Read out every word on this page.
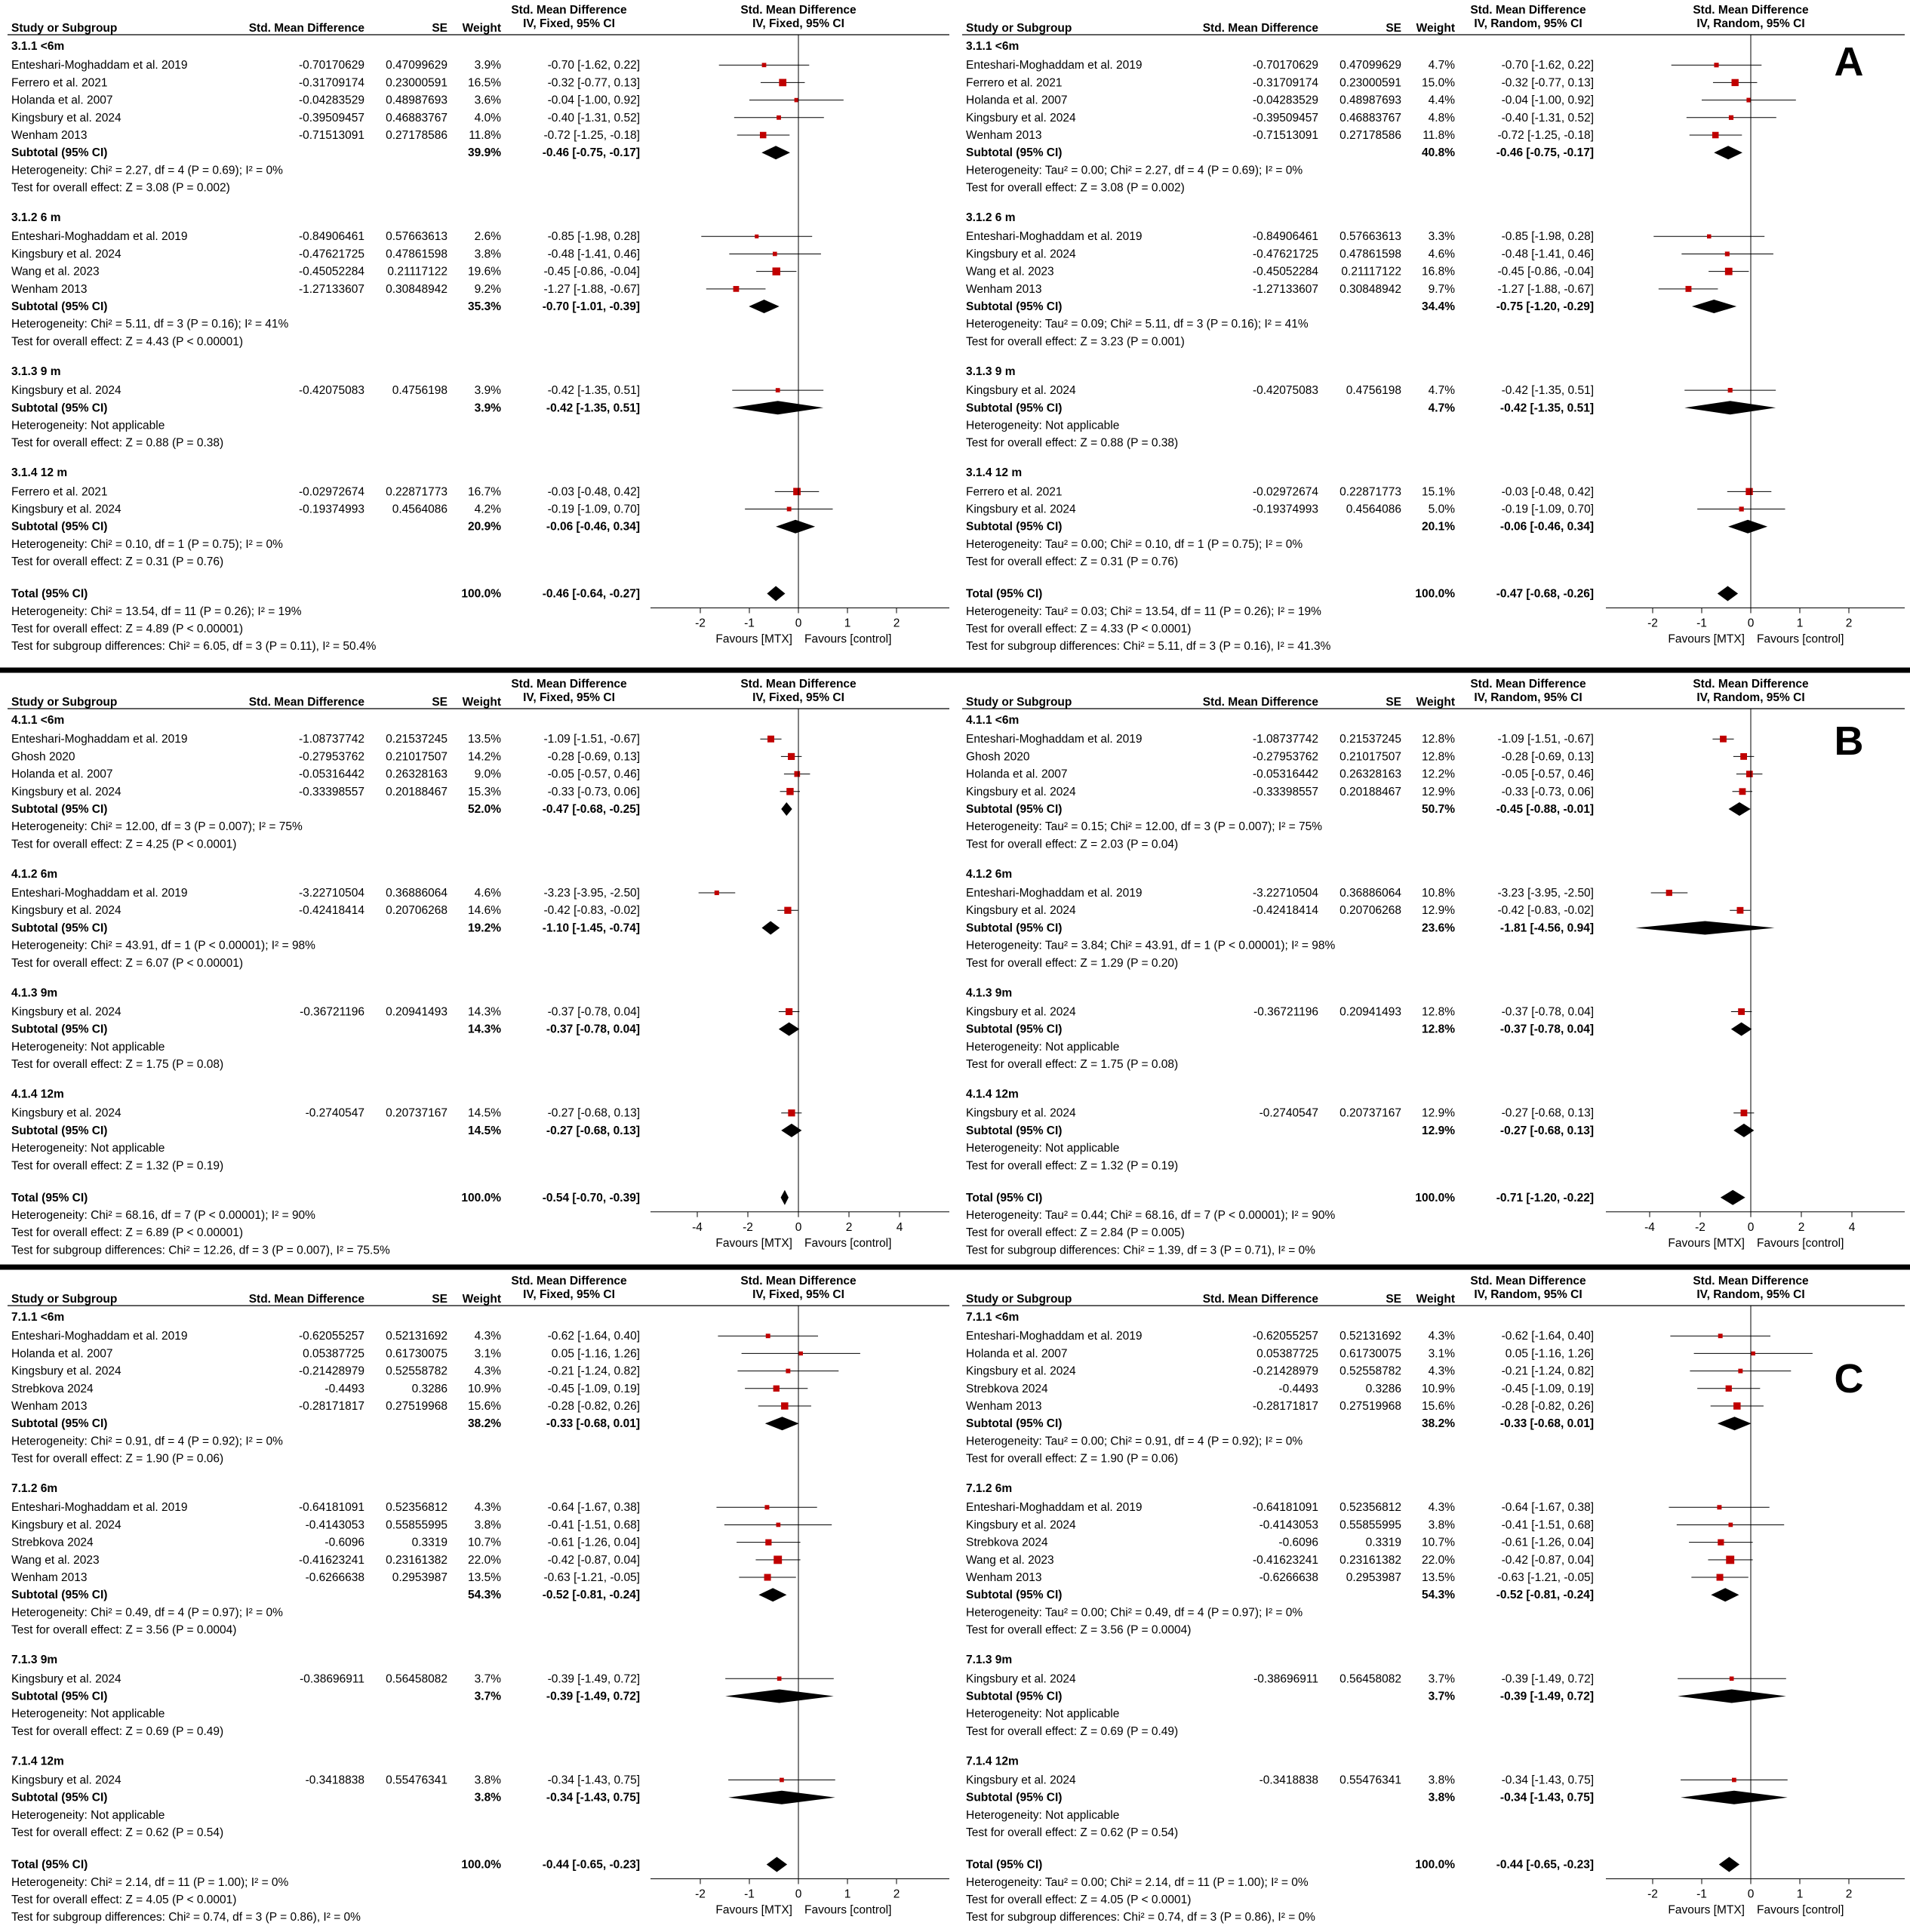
A
Study or Subgroup	Std. Mean Difference	SE Weight
Std. Mean Difference
IV, Fixed, 95% CI
Std. Mean Difference
IV, Fixed, 95% CI
3.1.1 <6m
Enteshari-Moghaddam et al. 2019	-0.70170629 0.47099629 3.9%	-0.70 [-1.62, 0.22]
Ferrero et al. 2021	-0.31709174 0.23000591 16.5%	-0.32 [-0.77, 0.13]
Holanda et al. 2007	-0.04283529 0.48987693 3.6%	-0.04 [-1.00, 0.92]
Kingsbury et al. 2024	-0.39509457 0.46883767 4.0%	-0.40 [-1.31, 0.52]
Wenham 2013	-0.71513091 0.27178586 11.8%	-0.72 [-1.25, -0.18]
Subtotal (95% CI)	39.9%	-0.46 [-0.75, -0.17]
Heterogeneity: Chi² = 2.27, df = 4 (P = 0.69); I² = 0%
Test for overall effect: Z = 3.08 (P = 0.002)
3.1.2 6 m
Enteshari-Moghaddam et al. 2019	-0.84906461 0.57663613 2.6%	-0.85 [-1.98, 0.28]
Kingsbury et al. 2024	-0.47621725 0.47861598 3.8%	-0.48 [-1.41, 0.46]
Wang et al. 2023	-0.45052284 0.21117122 19.6%	-0.45 [-0.86, -0.04]
Wenham 2013	-1.27133607 0.30848942 9.2%	-1.27 [-1.88, -0.67]
Subtotal (95% CI)	35.3%	-0.70 [-1.01, -0.39]
Heterogeneity: Chi² = 5.11, df = 3 (P = 0.16); I² = 41%
Test for overall effect: Z = 4.43 (P < 0.00001)
3.1.3 9 m
Kingsbury et al. 2024	-0.42075083 0.4756198 3.9%	-0.42 [-1.35, 0.51]
Subtotal (95% CI)	3.9%	-0.42 [-1.35, 0.51]
Heterogeneity: Not applicable
Test for overall effect: Z = 0.88 (P = 0.38)
3.1.4 12 m
Ferrero et al. 2021	-0.02972674 0.22871773 16.7%	-0.03 [-0.48, 0.42]
Kingsbury et al. 2024	-0.19374993 0.4564086 4.2%	-0.19 [-1.09, 0.70]
Subtotal (95% CI)	20.9%	-0.06 [-0.46, 0.34]
Heterogeneity: Chi² = 0.10, df = 1 (P = 0.75); I² = 0%
Test for overall effect: Z = 0.31 (P = 0.76)
Total (95% CI)	100.0%	-0.46 [-0.64, -0.27]
-2	-1	0	1	2
Favours [MTX] Favours [control]
Heterogeneity: Chi² = 13.54, df = 11 (P = 0.26); I² = 19%
Test for overall effect: Z = 4.89 (P < 0.00001)
Test for subgroup differences: Chi² = 6.05, df = 3 (P = 0.11), I² = 50.4%
Study or Subgroup	Std. Mean Difference	SE Weight
Std. Mean Difference
IV, Random, 95% CI
Std. Mean Difference
IV, Random, 95% CI
3.1.1 <6m
Enteshari-Moghaddam et al. 2019	-0.70170629 0.47099629 4.7%	-0.70 [-1.62, 0.22]
Ferrero et al. 2021	-0.31709174 0.23000591 15.0%	-0.32 [-0.77, 0.13]
Holanda et al. 2007	-0.04283529 0.48987693 4.4%	-0.04 [-1.00, 0.92]
Kingsbury et al. 2024	-0.39509457 0.46883767 4.8%	-0.40 [-1.31, 0.52]
Wenham 2013	-0.71513091 0.27178586 11.8%	-0.72 [-1.25, -0.18]
Subtotal (95% CI)	40.8%	-0.46 [-0.75, -0.17]
Heterogeneity: Tau² = 0.00; Chi² = 2.27, df = 4 (P = 0.69); I² = 0%
Test for overall effect: Z = 3.08 (P = 0.002)
3.1.2 6 m
Enteshari-Moghaddam et al. 2019	-0.84906461 0.57663613 3.3%	-0.85 [-1.98, 0.28]
Kingsbury et al. 2024	-0.47621725 0.47861598 4.6%	-0.48 [-1.41, 0.46]
Wang et al. 2023	-0.45052284 0.21117122 16.8%	-0.45 [-0.86, -0.04]
Wenham 2013	-1.27133607 0.30848942 9.7%	-1.27 [-1.88, -0.67]
Subtotal (95% CI)	34.4%	-0.75 [-1.20, -0.29]
Heterogeneity: Tau² = 0.09; Chi² = 5.11, df = 3 (P = 0.16); I² = 41%
Test for overall effect: Z = 3.23 (P = 0.001)
3.1.3 9 m
Kingsbury et al. 2024	-0.42075083 0.4756198 4.7%	-0.42 [-1.35, 0.51]
Subtotal (95% CI)	4.7%	-0.42 [-1.35, 0.51]
Heterogeneity: Not applicable
Test for overall effect: Z = 0.88 (P = 0.38)
3.1.4 12 m
Ferrero et al. 2021	-0.02972674 0.22871773 15.1%	-0.03 [-0.48, 0.42]
Kingsbury et al. 2024	-0.19374993 0.4564086 5.0%	-0.19 [-1.09, 0.70]
Subtotal (95% CI)	20.1%	-0.06 [-0.46, 0.34]
Heterogeneity: Tau² = 0.00; Chi² = 0.10, df = 1 (P = 0.75); I² = 0%
Test for overall effect: Z = 0.31 (P = 0.76)
Total (95% CI)	100.0%	-0.47 [-0.68, -0.26]
-2	-1	0	1	2
Favours [MTX] Favours [control]
Heterogeneity: Tau² = 0.03; Chi² = 13.54, df = 11 (P = 0.26); I² = 19%
Test for overall effect: Z = 4.33 (P < 0.0001)
Test for subgroup differences: Chi² = 5.11, df = 3 (P = 0.16), I² = 41.3%
B
Study or Subgroup	Std. Mean Difference	SE Weight
Std. Mean Difference
IV, Fixed, 95% CI
Std. Mean Difference
IV, Fixed, 95% CI
4.1.1 <6m
Enteshari-Moghaddam et al. 2019	-1.08737742 0.21537245 13.5%	-1.09 [-1.51, -0.67]
Ghosh 2020	-0.27953762 0.21017507 14.2%	-0.28 [-0.69, 0.13]
Holanda et al. 2007	-0.05316442 0.26328163 9.0%	-0.05 [-0.57, 0.46]
Kingsbury et al. 2024	-0.33398557 0.20188467 15.3%	-0.33 [-0.73, 0.06]
Subtotal (95% CI)	52.0%	-0.47 [-0.68, -0.25]
Heterogeneity: Chi² = 12.00, df = 3 (P = 0.007); I² = 75%
Test for overall effect: Z = 4.25 (P < 0.0001)
4.1.2 6m
Enteshari-Moghaddam et al. 2019	-3.22710504 0.36886064 4.6%	-3.23 [-3.95, -2.50]
Kingsbury et al. 2024	-0.42418414 0.20706268 14.6%	-0.42 [-0.83, -0.02]
Subtotal (95% CI)	19.2%	-1.10 [-1.45, -0.74]
Heterogeneity: Chi² = 43.91, df = 1 (P < 0.00001); I² = 98%
Test for overall effect: Z = 6.07 (P < 0.00001)
4.1.3 9m
Kingsbury et al. 2024	-0.36721196 0.20941493 14.3%	-0.37 [-0.78, 0.04]
Subtotal (95% CI)	14.3%	-0.37 [-0.78, 0.04]
Heterogeneity: Not applicable
Test for overall effect: Z = 1.75 (P = 0.08)
4.1.4 12m
Kingsbury et al. 2024	-0.2740547 0.20737167 14.5%	-0.27 [-0.68, 0.13]
Subtotal (95% CI)	14.5%	-0.27 [-0.68, 0.13]
Heterogeneity: Not applicable
Test for overall effect: Z = 1.32 (P = 0.19)
Total (95% CI)	100.0%	-0.54 [-0.70, -0.39]
-4	-2	0	2	4
Favours [MTX] Favours [control]
Heterogeneity: Chi² = 68.16, df = 7 (P < 0.00001); I² = 90%
Test for overall effect: Z = 6.89 (P < 0.00001)
Test for subgroup differences: Chi² = 12.26, df = 3 (P = 0.007), I² = 75.5%
Study or Subgroup	Std. Mean Difference	SE Weight
Std. Mean Difference
IV, Random, 95% CI
Std. Mean Difference
IV, Random, 95% CI
4.1.1 <6m
Enteshari-Moghaddam et al. 2019	-1.08737742 0.21537245 12.8%	-1.09 [-1.51, -0.67]
Ghosh 2020	-0.27953762 0.21017507 12.8%	-0.28 [-0.69, 0.13]
Holanda et al. 2007	-0.05316442 0.26328163 12.2%	-0.05 [-0.57, 0.46]
Kingsbury et al. 2024	-0.33398557 0.20188467 12.9%	-0.33 [-0.73, 0.06]
Subtotal (95% CI)	50.7%	-0.45 [-0.88, -0.01]
Heterogeneity: Tau² = 0.15; Chi² = 12.00, df = 3 (P = 0.007); I² = 75%
Test for overall effect: Z = 2.03 (P = 0.04)
4.1.2 6m
Enteshari-Moghaddam et al. 2019	-3.22710504 0.36886064 10.8%	-3.23 [-3.95, -2.50]
Kingsbury et al. 2024	-0.42418414 0.20706268 12.9%	-0.42 [-0.83, -0.02]
Subtotal (95% CI)	23.6%	-1.81 [-4.56, 0.94]
Heterogeneity: Tau² = 3.84; Chi² = 43.91, df = 1 (P < 0.00001); I² = 98%
Test for overall effect: Z = 1.29 (P = 0.20)
4.1.3 9m
Kingsbury et al. 2024	-0.36721196 0.20941493 12.8%	-0.37 [-0.78, 0.04]
Subtotal (95% CI)	12.8%	-0.37 [-0.78, 0.04]
Heterogeneity: Not applicable
Test for overall effect: Z = 1.75 (P = 0.08)
4.1.4 12m
Kingsbury et al. 2024	-0.2740547 0.20737167 12.9%	-0.27 [-0.68, 0.13]
Subtotal (95% CI)	12.9%	-0.27 [-0.68, 0.13]
Heterogeneity: Not applicable
Test for overall effect: Z = 1.32 (P = 0.19)
Total (95% CI)	100.0%	-0.71 [-1.20, -0.22]
-4	-2	0	2	4
Favours [MTX] Favours [control]
Heterogeneity: Tau² = 0.44; Chi² = 68.16, df = 7 (P < 0.00001); I² = 90%
Test for overall effect: Z = 2.84 (P = 0.005)
Test for subgroup differences: Chi² = 1.39, df = 3 (P = 0.71), I² = 0%
C
Study or Subgroup	Std. Mean Difference	SE Weight
Std. Mean Difference
IV, Fixed, 95% CI
Std. Mean Difference
IV, Fixed, 95% CI
7.1.1 <6m
Enteshari-Moghaddam et al. 2019	-0.62055257 0.52131692 4.3%	-0.62 [-1.64, 0.40]
Holanda et al. 2007	0.05387725 0.61730075 3.1%	0.05 [-1.16, 1.26]
Kingsbury et al. 2024	-0.21428979 0.52558782 4.3%	-0.21 [-1.24, 0.82]
Strebkova 2024	-0.4493	0.3286 10.9%	-0.45 [-1.09, 0.19]
Wenham 2013	-0.28171817 0.27519968 15.6%	-0.28 [-0.82, 0.26]
Subtotal (95% CI)	38.2%	-0.33 [-0.68, 0.01]
Heterogeneity: Chi² = 0.91, df = 4 (P = 0.92); I² = 0%
Test for overall effect: Z = 1.90 (P = 0.06)
7.1.2 6m
Enteshari-Moghaddam et al. 2019	-0.64181091 0.52356812 4.3%	-0.64 [-1.67, 0.38]
Kingsbury et al. 2024	-0.4143053 0.55855995 3.8%	-0.41 [-1.51, 0.68]
Strebkova 2024	-0.6096	0.3319 10.7%	-0.61 [-1.26, 0.04]
Wang et al. 2023	-0.41623241 0.23161382 22.0%	-0.42 [-0.87, 0.04]
Wenham 2013	-0.6266638 0.2953987 13.5%	-0.63 [-1.21, -0.05]
Subtotal (95% CI)	54.3%	-0.52 [-0.81, -0.24]
Heterogeneity: Chi² = 0.49, df = 4 (P = 0.97); I² = 0%
Test for overall effect: Z = 3.56 (P = 0.0004)
7.1.3 9m
Kingsbury et al. 2024	-0.38696911 0.56458082 3.7%	-0.39 [-1.49, 0.72]
Subtotal (95% CI)	3.7%	-0.39 [-1.49, 0.72]
Heterogeneity: Not applicable
Test for overall effect: Z = 0.69 (P = 0.49)
7.1.4 12m
Kingsbury et al. 2024	-0.3418838 0.55476341 3.8%	-0.34 [-1.43, 0.75]
Subtotal (95% CI)	3.8%	-0.34 [-1.43, 0.75]
Heterogeneity: Not applicable
Test for overall effect: Z = 0.62 (P = 0.54)
Total (95% CI)	100.0%	-0.44 [-0.65, -0.23]
-2	-1	0	1	2
Favours [MTX] Favours [control]
Heterogeneity: Chi² = 2.14, df = 11 (P = 1.00); I² = 0%
Test for overall effect: Z = 4.05 (P < 0.0001)
Test for subgroup differences: Chi² = 0.74, df = 3 (P = 0.86), I² = 0%
Study or Subgroup	Std. Mean Difference	SE Weight
Std. Mean Difference
IV, Random, 95% CI
Std. Mean Difference
IV, Random, 95% CI
7.1.1 <6m
Enteshari-Moghaddam et al. 2019	-0.62055257 0.52131692 4.3%	-0.62 [-1.64, 0.40]
Holanda et al. 2007	0.05387725 0.61730075 3.1%	0.05 [-1.16, 1.26]
Kingsbury et al. 2024	-0.21428979 0.52558782 4.3%	-0.21 [-1.24, 0.82]
Strebkova 2024	-0.4493	0.3286 10.9%	-0.45 [-1.09, 0.19]
Wenham 2013	-0.28171817 0.27519968 15.6%	-0.28 [-0.82, 0.26]
Subtotal (95% CI)	38.2%	-0.33 [-0.68, 0.01]
Heterogeneity: Tau² = 0.00; Chi² = 0.91, df = 4 (P = 0.92); I² = 0%
Test for overall effect: Z = 1.90 (P = 0.06)
7.1.2 6m
Enteshari-Moghaddam et al. 2019	-0.64181091 0.52356812 4.3%	-0.64 [-1.67, 0.38]
Kingsbury et al. 2024	-0.4143053 0.55855995 3.8%	-0.41 [-1.51, 0.68]
Strebkova 2024	-0.6096	0.3319 10.7%	-0.61 [-1.26, 0.04]
Wang et al. 2023	-0.41623241 0.23161382 22.0%	-0.42 [-0.87, 0.04]
Wenham 2013	-0.6266638 0.2953987 13.5%	-0.63 [-1.21, -0.05]
Subtotal (95% CI)	54.3%	-0.52 [-0.81, -0.24]
Heterogeneity: Tau² = 0.00; Chi² = 0.49, df = 4 (P = 0.97); I² = 0%
Test for overall effect: Z = 3.56 (P = 0.0004)
7.1.3 9m
Kingsbury et al. 2024	-0.38696911 0.56458082 3.7%	-0.39 [-1.49, 0.72]
Subtotal (95% CI)	3.7%	-0.39 [-1.49, 0.72]
Heterogeneity: Not applicable
Test for overall effect: Z = 0.69 (P = 0.49)
7.1.4 12m
Kingsbury et al. 2024	-0.3418838 0.55476341 3.8%	-0.34 [-1.43, 0.75]
Subtotal (95% CI)	3.8%	-0.34 [-1.43, 0.75]
Heterogeneity: Not applicable
Test for overall effect: Z = 0.62 (P = 0.54)
Total (95% CI)	100.0%	-0.44 [-0.65, -0.23]
-2	-1	0	1	2
Favours [MTX] Favours [control]
Heterogeneity: Tau² = 0.00; Chi² = 2.14, df = 11 (P = 1.00); I² = 0%
Test for overall effect: Z = 4.05 (P < 0.0001)
Test for subgroup differences: Chi² = 0.74, df = 3 (P = 0.86), I² = 0%
